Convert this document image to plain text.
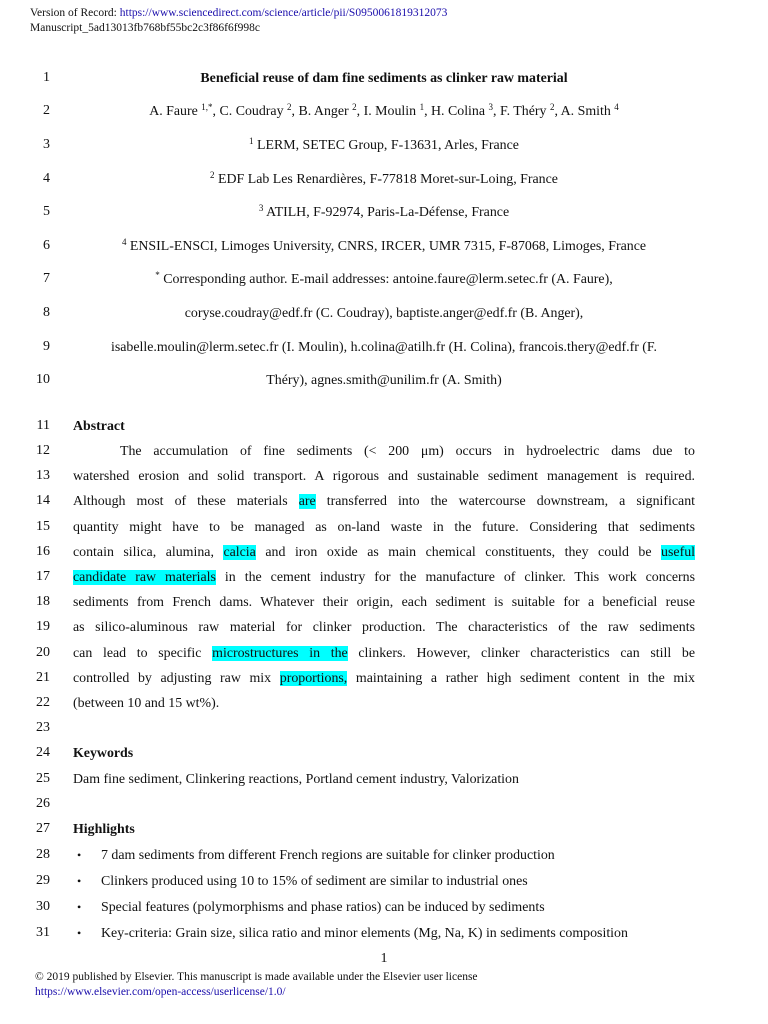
Version of Record: https://www.sciencedirect.com/science/article/pii/S0950061819312073
Manuscript_5ad13013fb768bf55bc2c3f86f6f998c
1
2
3
4
5
6
7
8
9
10
11
12
13
14
15
16
17
18
19
20
21
22
23
24
25
26
27
28
29
30
31
Beneficial reuse of dam fine sediments as clinker raw material
A. Faure $^{1,*}$, C. Coudray $^2$, B. Anger $^2$, I. Moulin $^1$, H. Colina $^3$, F. Théry $^2$, A. Smith $^4$
$^1$ LERM, SETEC Group, F-13631, Arles, France
$^2$ EDF Lab Les Renardières, F-77818 Moret-sur-Loing, France
$^3$ ATILH, F-92974, Paris-La-Défense, France
$^4$ ENSIL-ENSCI, Limoges University, CNRS, IRCER, UMR 7315, F-87068, Limoges, France
* Corresponding author. E-mail addresses: antoine.faure@lerm.setec.fr (A. Faure),
coryse.coudray@edf.fr (C. Coudray), baptiste.anger@edf.fr (B. Anger),
isabelle.moulin@lerm.setec.fr (I. Moulin), h.colina@atilh.fr (H. Colina), francois.thery@edf.fr (F.
Théry), agnes.smith@unilim.fr (A. Smith)
Abstract
The accumulation of fine sediments (< 200 μm) occurs in hydroelectric dams due to
watershed erosion and solid transport. A rigorous and sustainable sediment management is required.
Although most of these materials are transferred into the watercourse downstream, a significant
quantity might have to be managed as on-land waste in the future. Considering that sediments
contain silica, alumina, calcia and iron oxide as main chemical constituents, they could be useful
candidate raw materials in the cement industry for the manufacture of clinker. This work concerns
sediments from French dams. Whatever their origin, each sediment is suitable for a beneficial reuse
as silico-aluminous raw material for clinker production. The characteristics of the raw sediments
can lead to specific microstructures in the clinkers. However, clinker characteristics can still be
controlled by adjusting raw mix proportions, maintaining a rather high sediment content in the mix
(between 10 and 15 wt%).
Keywords
Dam fine sediment, Clinkering reactions, Portland cement industry, Valorization
Highlights
• 7 dam sediments from different French regions are suitable for clinker production
• Clinkers produced using 10 to 15% of sediment are similar to industrial ones
• Special features (polymorphisms and phase ratios) can be induced by sediments
• Key-criteria: Grain size, silica ratio and minor elements (Mg, Na, K) in sediments composition
1
© 2019 published by Elsevier. This manuscript is made available under the Elsevier user license
https://www.elsevier.com/open-access/userlicense/1.0/
